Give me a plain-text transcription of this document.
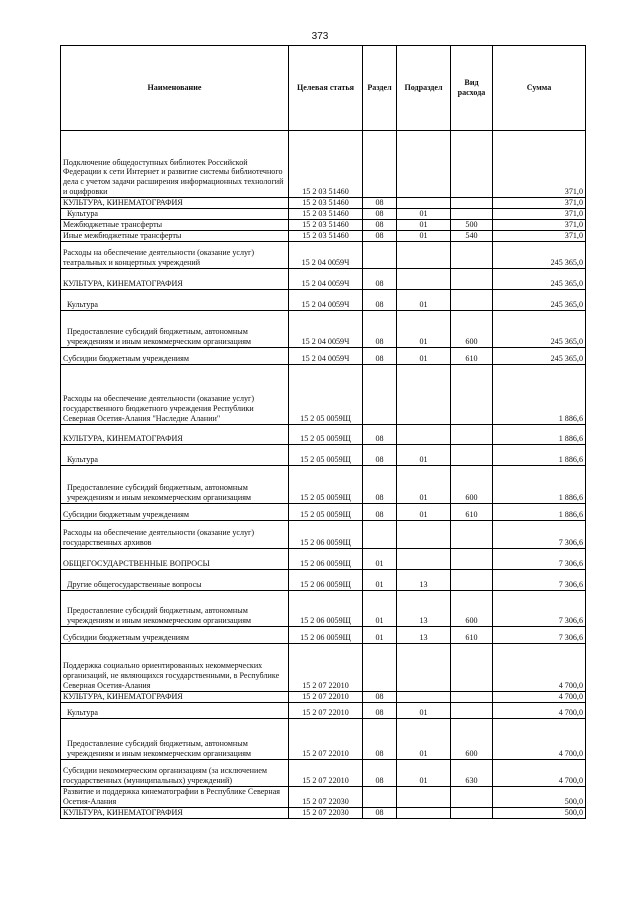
373
Наименование	Целевая статья	Раздел	Подраздел	Вид расхода	Сумма
Подключение общедоступных библиотек Российской Федерации к сети Интернет и развитие системы библиотечного дела с учетом задачи расширения информационных технологий и оцифровки	15 2 03 51460				371,0
КУЛЬТУРА, КИНЕМАТОГРАФИЯ	15 2 03 51460	08			371,0
Культура	15 2 03 51460	08	01		371,0
Межбюджетные трансферты	15 2 03 51460	08	01	500	371,0
Иные межбюджетные трансферты	15 2 03 51460	08	01	540	371,0
Расходы на обеспечение деятельности (оказание услуг) театральных и концертных учреждений	15 2 04 0059Ч				245 365,0
КУЛЬТУРА, КИНЕМАТОГРАФИЯ	15 2 04 0059Ч	08			245 365,0
Культура	15 2 04 0059Ч	08	01		245 365,0
Предоставление субсидий бюджетным, автономным учреждениям и иным некоммерческим организациям	15 2 04 0059Ч	08	01	600	245 365,0
Субсидии бюджетным учреждениям	15 2 04 0059Ч	08	01	610	245 365,0
Расходы на обеспечение деятельности (оказание услуг) государственного бюджетного учреждения Республики Северная Осетия-Алания "Наследие Алании"	15 2 05 0059Щ				1 886,6
КУЛЬТУРА, КИНЕМАТОГРАФИЯ	15 2 05 0059Щ	08			1 886,6
Культура	15 2 05 0059Щ	08	01		1 886,6
Предоставление субсидий бюджетным, автономным учреждениям и иным некоммерческим организациям	15 2 05 0059Щ	08	01	600	1 886,6
Субсидии бюджетным учреждениям	15 2 05 0059Щ	08	01	610	1 886,6
Расходы на обеспечение деятельности (оказание услуг) государственных архивов	15 2 06 0059Щ				7 306,6
ОБЩЕГОСУДАРСТВЕННЫЕ ВОПРОСЫ	15 2 06 0059Щ	01			7 306,6
Другие общегосударственные вопросы	15 2 06 0059Щ	01	13		7 306,6
Предоставление субсидий бюджетным, автономным учреждениям и иным некоммерческим организациям	15 2 06 0059Щ	01	13	600	7 306,6
Субсидии бюджетным учреждениям	15 2 06 0059Щ	01	13	610	7 306,6
Поддержка социально ориентированных некоммерческих организаций, не являющихся государственными, в Республике Северная Осетия-Алания	15 2 07 22010				4 700,0
КУЛЬТУРА, КИНЕМАТОГРАФИЯ	15 2 07 22010	08			4 700,0
Культура	15 2 07 22010	08	01		4 700,0
Предоставление субсидий бюджетным, автономным учреждениям и иным некоммерческим организациям	15 2 07 22010	08	01	600	4 700,0
Субсидии некоммерческим организациям (за исключением государственных (муниципальных) учреждений)	15 2 07 22010	08	01	630	4 700,0
Развитие и поддержка кинематографии в Республике Северная Осетия-Алания	15 2 07 22030				500,0
КУЛЬТУРА, КИНЕМАТОГРАФИЯ	15 2 07 22030	08			500,0
